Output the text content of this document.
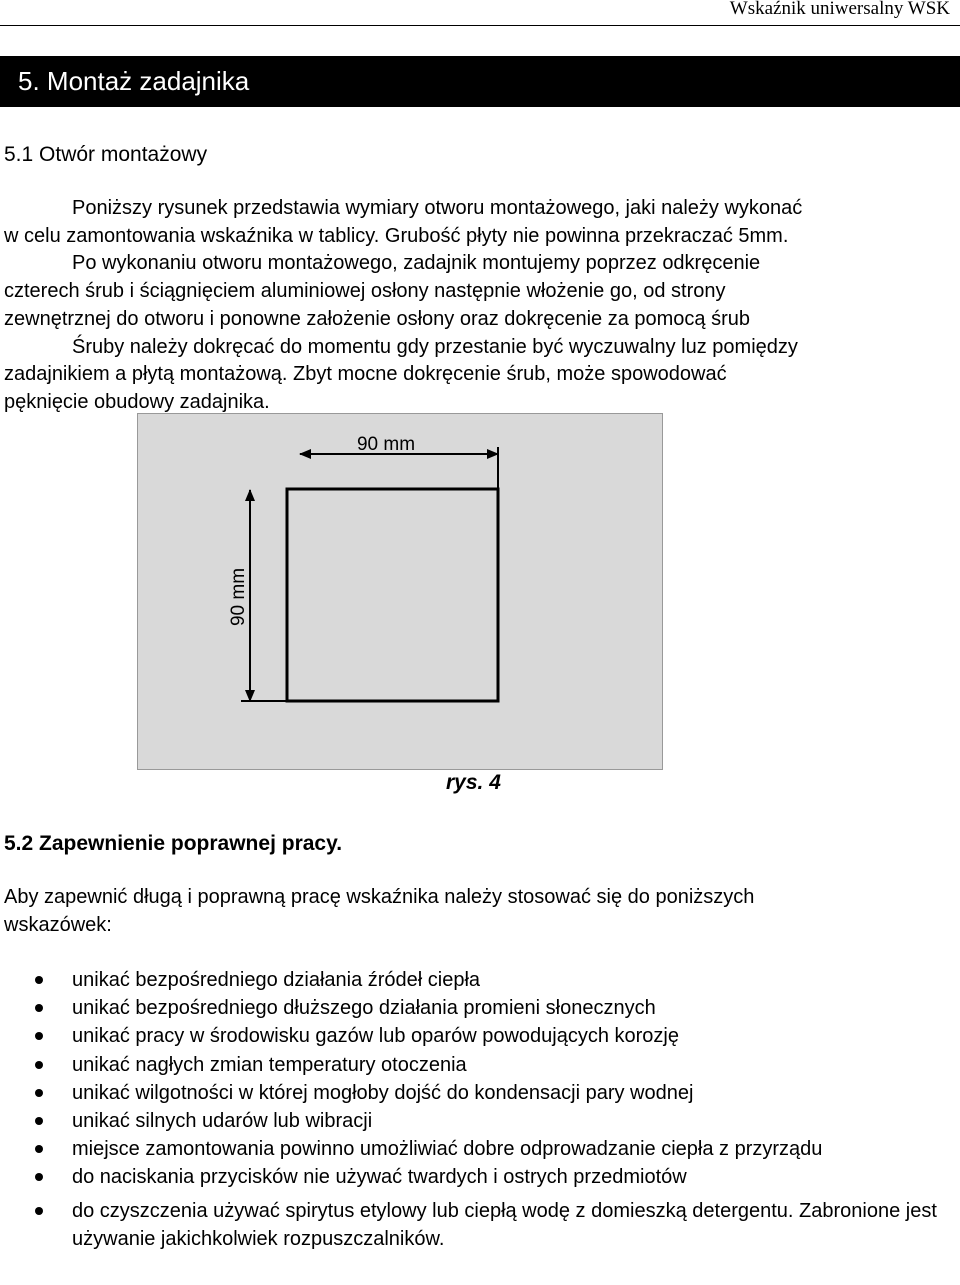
Wskaźnik uniwersalny WSK
5. Montaż zadajnika
5.1 Otwór montażowy
Poniższy rysunek przedstawia wymiary otworu montażowego, jaki należy wykonać
w celu zamontowania wskaźnika w tablicy. Grubość płyty nie powinna przekraczać 5mm.
Po wykonaniu otworu montażowego, zadajnik montujemy poprzez odkręcenie
czterech śrub i ściągnięciem aluminiowej osłony następnie włożenie go, od strony
zewnętrznej do otworu i ponowne założenie osłony oraz dokręcenie za pomocą śrub
Śruby należy dokręcać do momentu gdy przestanie być wyczuwalny luz pomiędzy
zadajnikiem a płytą montażową. Zbyt mocne dokręcenie śrub, może spowodować
pęknięcie obudowy zadajnika.
90 mm
90 mm
rys. 4
5.2 Zapewnienie poprawnej pracy.
Aby zapewnić długą i poprawną pracę wskaźnika należy stosować się do poniższych
wskazówek:
unikać bezpośredniego działania źródeł ciepła
unikać bezpośredniego dłuższego działania promieni słonecznych
unikać pracy w środowisku gazów lub oparów powodujących korozję
unikać nagłych zmian temperatury otoczenia
unikać wilgotności w której mogłoby dojść do kondensacji pary wodnej
unikać silnych udarów lub wibracji
miejsce zamontowania powinno umożliwiać dobre odprowadzanie ciepła z przyrządu
do naciskania przycisków nie używać twardych i ostrych przedmiotów
do czyszczenia używać spirytus etylowy lub ciepłą wodę z domieszką detergentu. Zabronione jest używanie jakichkolwiek rozpuszczalników.
